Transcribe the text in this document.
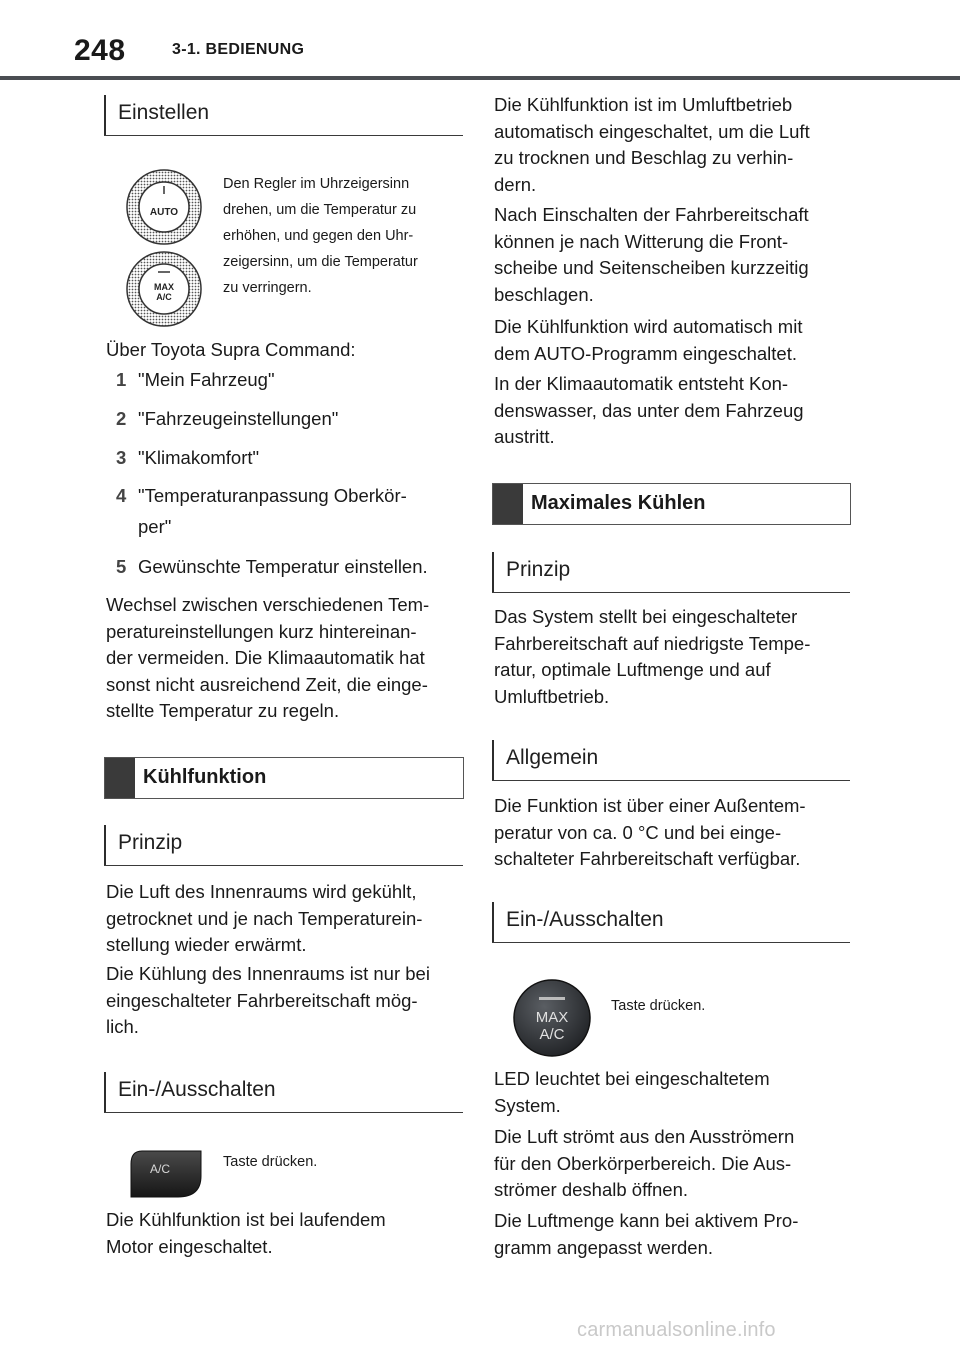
248	3-1. BEDIENUNG
Einstellen
AUTO
MAX
A/C
Den Regler im Uhrzeigersinn
drehen, um die Temperatur zu
erhöhen, und gegen den Uhr-
zeigersinn, um die Temperatur
zu verringern.

Über Toyota Supra Command:

1 "Mein Fahrzeug"
2 "Fahrzeugeinstellungen"
3 "Klimakomfort"
4 "Temperaturanpassung Oberkör-
per"
5 Gewünschte Temperatur einstellen.

Wechsel zwischen verschiedenen Tem-
peratureinstellungen kurz hintereinan-
der vermeiden. Die Klimaautomatik hat
sonst nicht ausreichend Zeit, die einge-
stellte Temperatur zu regeln.

Kühlfunktion
Prinzip

Die Luft des Innenraums wird gekühlt,
getrocknet und je nach Temperaturein-
stellung wieder erwärmt.

Die Kühlung des Innenraums ist nur bei
eingeschalteter Fahrbereitschaft mög-
lich.

Ein-/Ausschalten
A/C	Taste drücken.

Die Kühlfunktion ist bei laufendem
Motor eingeschaltet.

Die Kühlfunktion ist im Umluftbetrieb
automatisch eingeschaltet, um die Luft
zu trocknen und Beschlag zu verhin-
dern.

Nach Einschalten der Fahrbereitschaft
können je nach Witterung die Front-
scheibe und Seitenscheiben kurzzeitig
beschlagen.

Die Kühlfunktion wird automatisch mit
dem AUTO-Programm eingeschaltet.

In der Klimaautomatik entsteht Kon-
denswasser, das unter dem Fahrzeug
austritt.

Maximales Kühlen
Prinzip

Das System stellt bei eingeschalteter
Fahrbereitschaft auf niedrigste Tempe-
ratur, optimale Luftmenge und auf
Umluftbetrieb.

Allgemein

Die Funktion ist über einer Außentem-
peratur von ca. 0 °C und bei einge-
schalteter Fahrbereitschaft verfügbar.

Ein-/Ausschalten
MAX
A/C
Taste drücken.

LED leuchtet bei eingeschaltetem
System.

Die Luft strömt aus den Ausströmern
für den Oberkörperbereich. Die Aus-
strömer deshalb öffnen.

Die Luftmenge kann bei aktivem Pro-
gramm angepasst werden.

carmanualsonline.info
